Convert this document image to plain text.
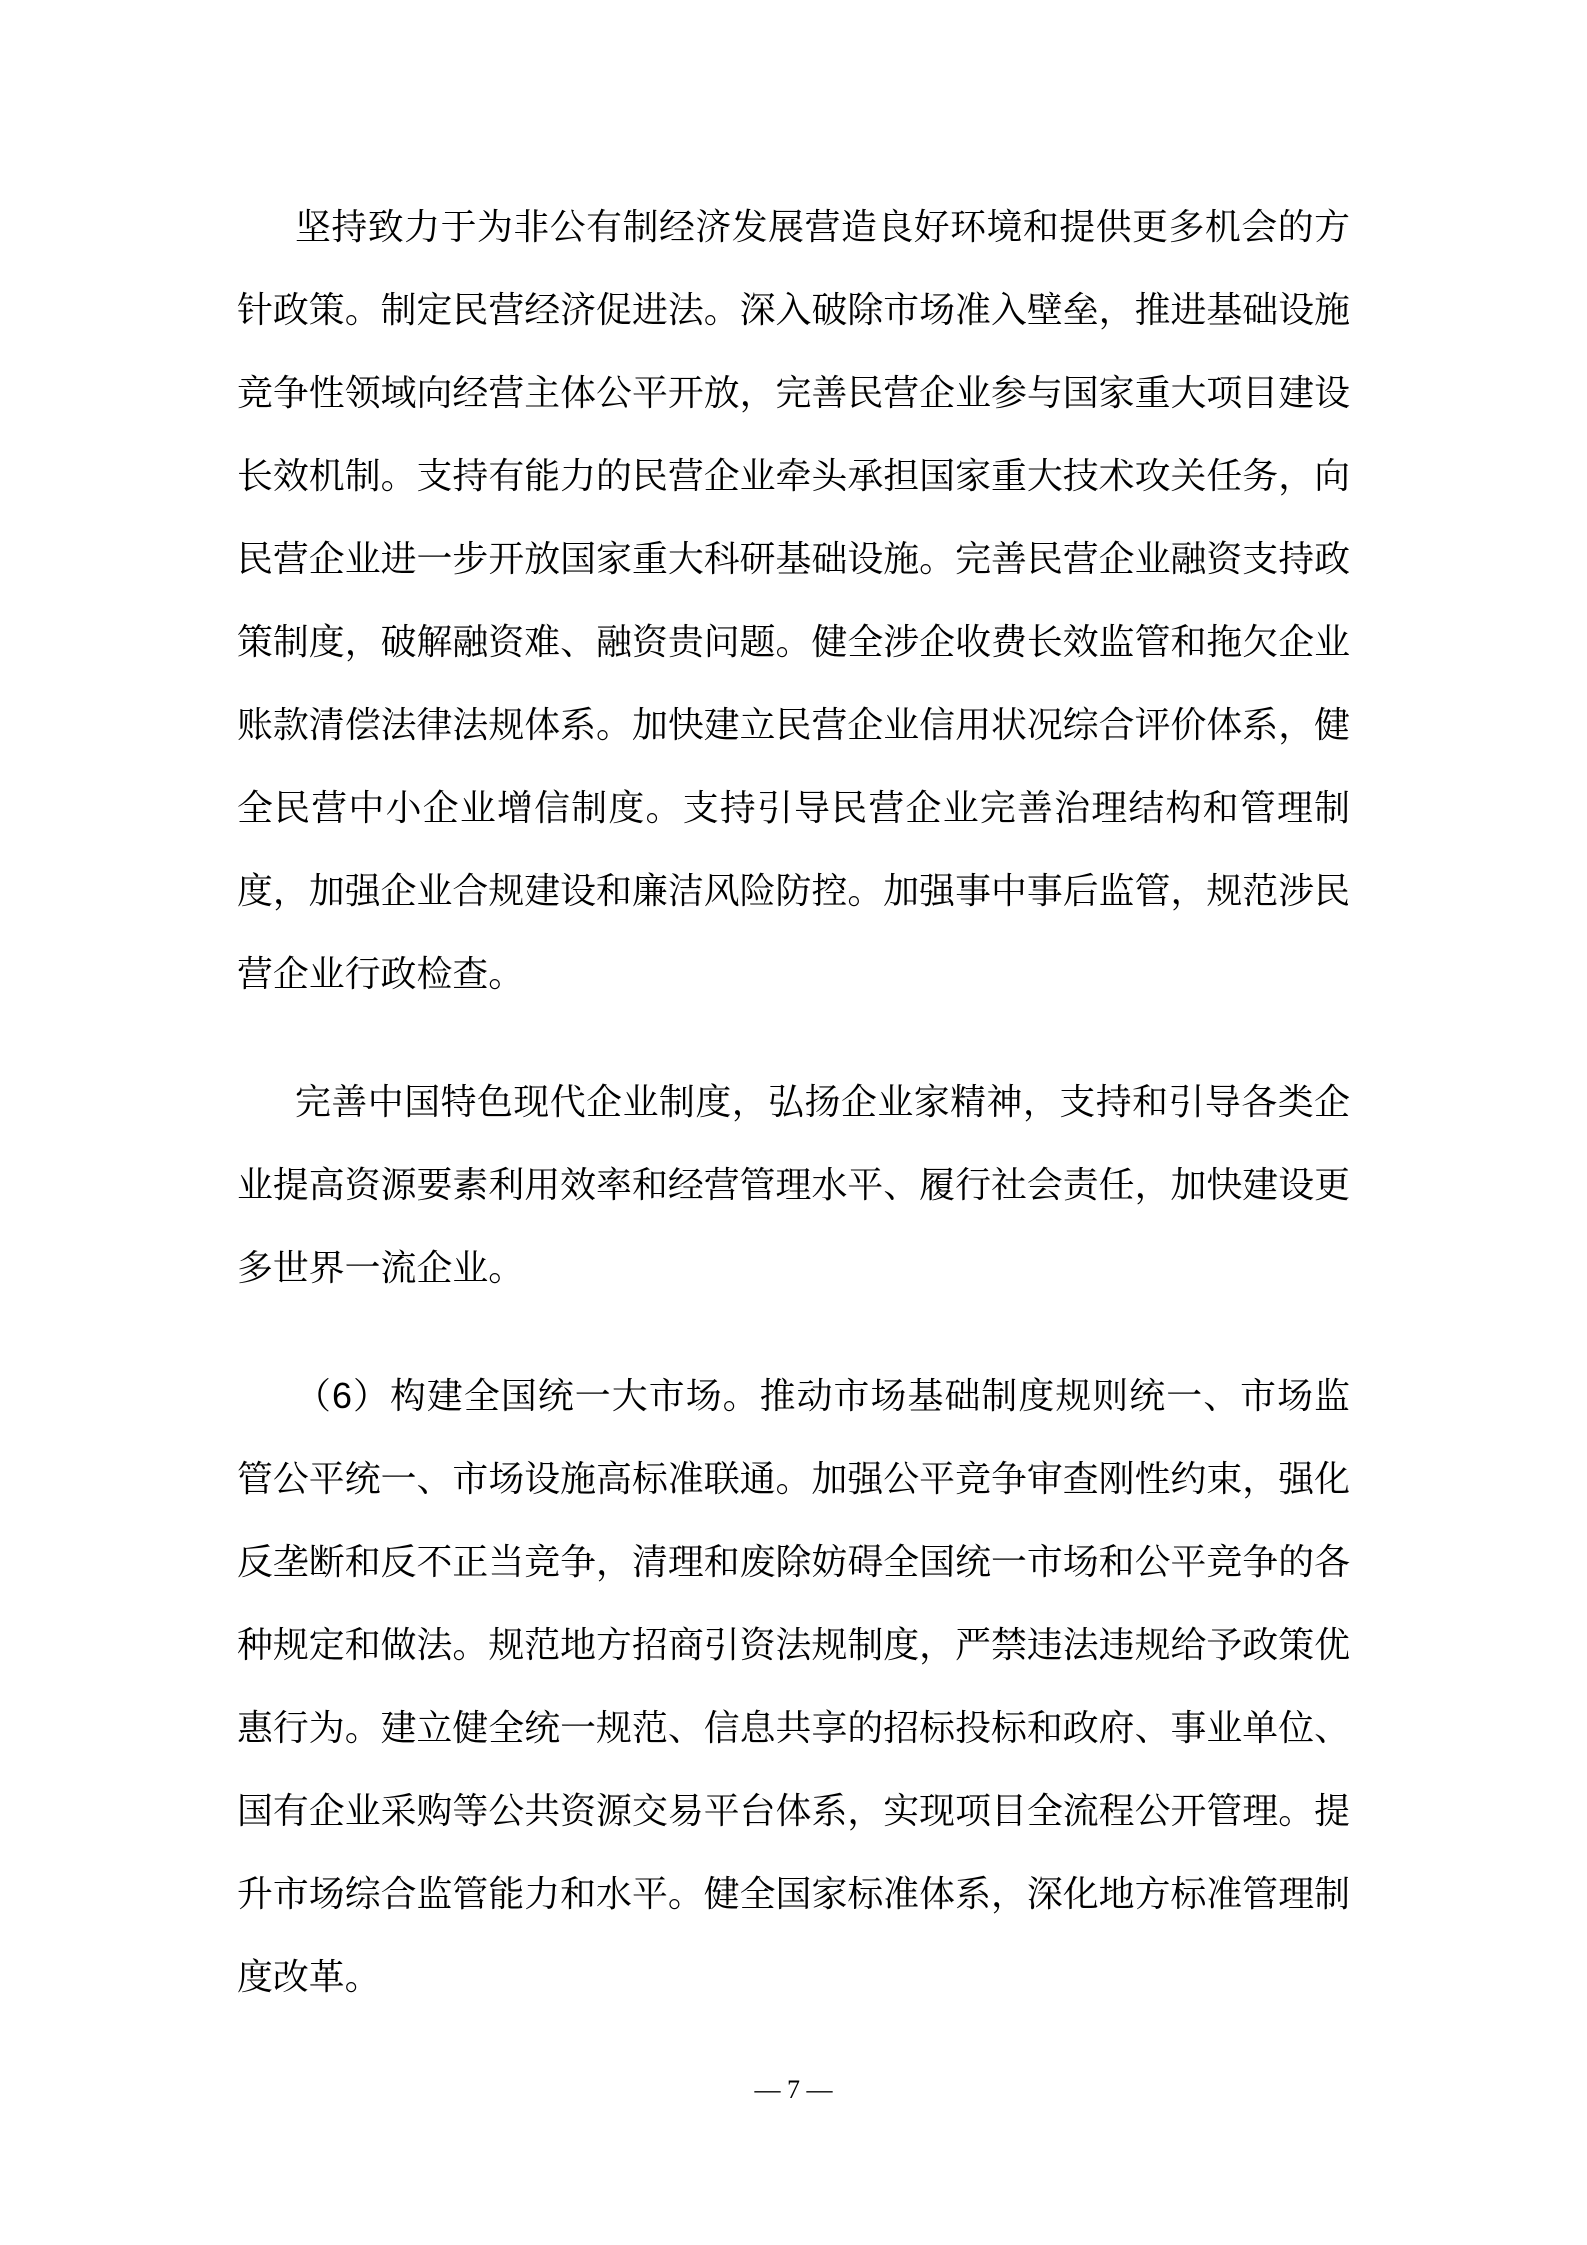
坚持致力于为非公有制经济发展营造良好环境和提供更多机会的方针政策。制定民营经济促进法。深入破除市场准入壁垒，推进基础设施竞争性领域向经营主体公平开放，完善民营企业参与国家重大项目建设长效机制。支持有能力的民营企业牵头承担国家重大技术攻关任务，向民营企业进一步开放国家重大科研基础设施。完善民营企业融资支持政策制度，破解融资难、融资贵问题。健全涉企收费长效监管和拖欠企业账款清偿法律法规体系。加快建立民营企业信用状况综合评价体系，健全民营中小企业增信制度。支持引导民营企业完善治理结构和管理制度，加强企业合规建设和廉洁风险防控。加强事中事后监管，规范涉民营企业行政检查。

完善中国特色现代企业制度，弘扬企业家精神，支持和引导各类企业提高资源要素利用效率和经营管理水平、履行社会责任，加快建设更多世界一流企业。

（6）构建全国统一大市场。推动市场基础制度规则统一、市场监管公平统一、市场设施高标准联通。加强公平竞争审查刚性约束，强化反垄断和反不正当竞争，清理和废除妨碍全国统一市场和公平竞争的各种规定和做法。规范地方招商引资法规制度，严禁违法违规给予政策优惠行为。建立健全统一规范、信息共享的招标投标和政府、事业单位、国有企业采购等公共资源交易平台体系，实现项目全流程公开管理。提升市场综合监管能力和水平。健全国家标准体系，深化地方标准管理制度改革。

— 7 —
